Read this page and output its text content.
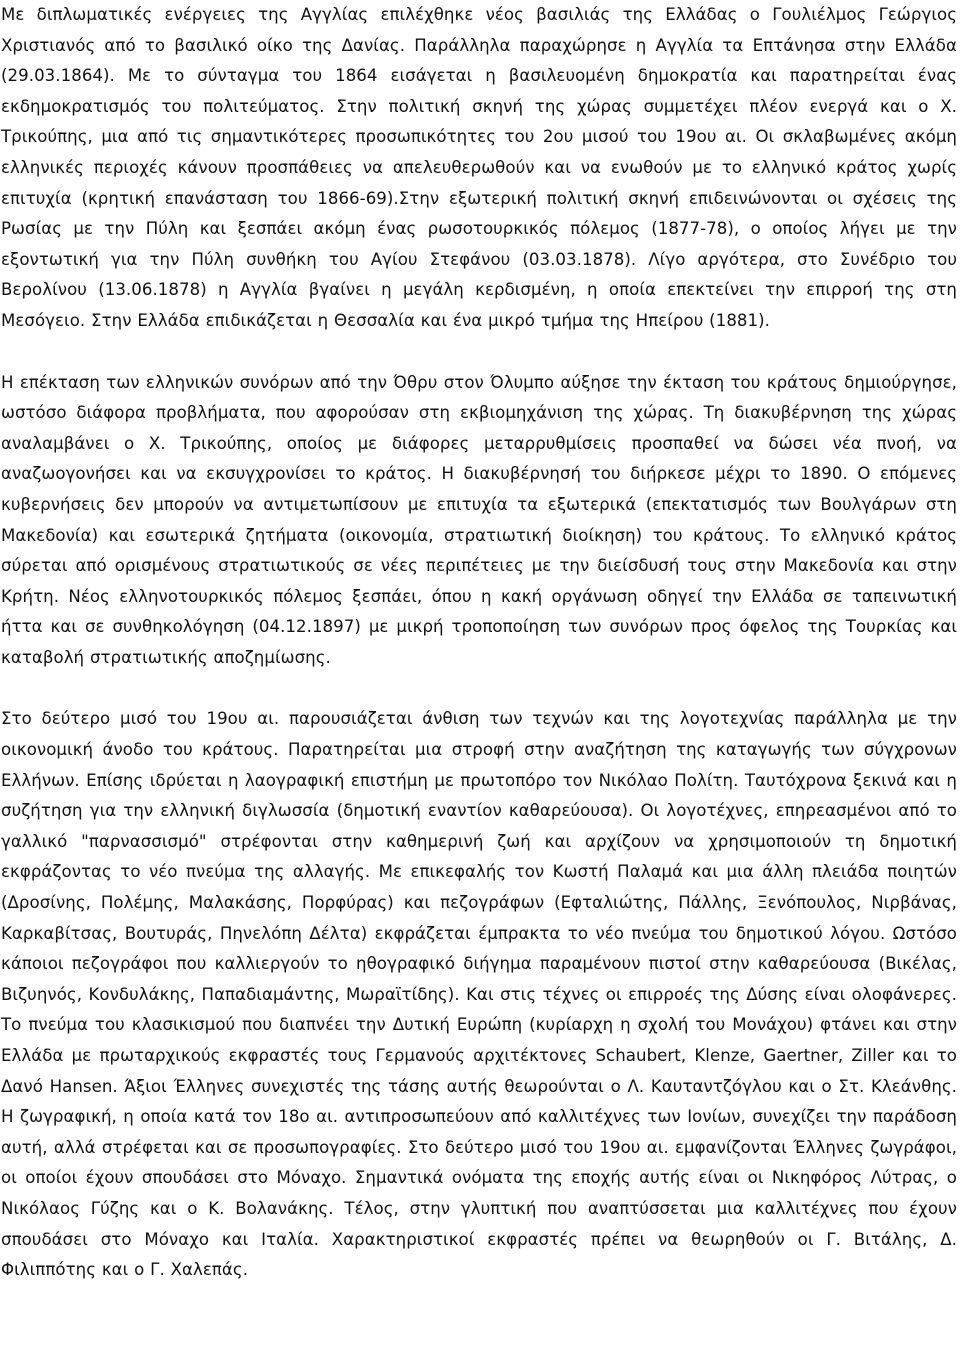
Με διπλωματικές ενέργειες της Αγγλίας επιλέχθηκε νέος βασιλιάς της Ελλάδας ο Γουλιέλμος Γεώργιος Χριστιανός από το βασιλικό οίκο της Δανίας. Παράλληλα παραχώρησε η Αγγλία τα Επτάνησα στην Ελλάδα (29.03.1864). Με το σύνταγμα του 1864 εισάγεται η βασιλευομένη δημοκρατία και παρατηρείται ένας εκδημοκρατισμός του πολιτεύματος. Στην πολιτική σκηνή της χώρας συμμετέχει πλέον ενεργά και ο Χ. Τρικούπης, μια από τις σημαντικότερες προσωπικότητες του 2ου μισού του 19ου αι. Οι σκλαβωμένες ακόμη ελληνικές περιοχές κάνουν προσπάθειες να απελευθερωθούν και να ενωθούν με το ελληνικό κράτος χωρίς επιτυχία (κρητική επανάσταση του 1866-69).Στην εξωτερική πολιτική σκηνή επιδεινώνονται οι σχέσεις της Ρωσίας με την Πύλη και ξεσπάει ακόμη ένας ρωσοτουρκικός πόλεμος (1877-78), ο οποίος λήγει με την εξοντωτική για την Πύλη συνθήκη του Αγίου Στεφάνου (03.03.1878). Λίγο αργότερα, στο Συνέδριο του Βερολίνου (13.06.1878) η Αγγλία βγαίνει η μεγάλη κερδισμένη, η οποία επεκτείνει την επιρροή της στη Μεσόγειο. Στην Ελλάδα επιδικάζεται η Θεσσαλία και ένα μικρό τμήμα της Ηπείρου (1881).

Η επέκταση των ελληνικών συνόρων από την Όθρυ στον Όλυμπο αύξησε την έκταση του κράτους δημιούργησε, ωστόσο διάφορα προβλήματα, που αφορούσαν στη εκβιομηχάνιση της χώρας. Τη διακυβέρνηση της χώρας αναλαμβάνει ο Χ. Τρικούπης, οποίος με διάφορες μεταρρυθμίσεις προσπαθεί να δώσει νέα πνοή, να αναζωογονήσει και να εκσυγχρονίσει το κράτος. Η διακυβέρνησή του διήρκεσε μέχρι το 1890. Ο επόμενες κυβερνήσεις δεν μπορούν να αντιμετωπίσουν με επιτυχία τα εξωτερικά (επεκτατισμός των Βουλγάρων στη Μακεδονία) και εσωτερικά ζητήματα (οικονομία, στρατιωτική διοίκηση) του κράτους. Το ελληνικό κράτος σύρεται από ορισμένους στρατιωτικούς σε νέες περιπέτειες με την διείσδυσή τους στην Μακεδονία και στην Κρήτη. Νέος ελληνοτουρκικός πόλεμος ξεσπάει, όπου η κακή οργάνωση οδηγεί την Ελλάδα σε ταπεινωτική ήττα και σε συνθηκολόγηση (04.12.1897) με μικρή τροποποίηση των συνόρων προς όφελος της Τουρκίας και καταβολή στρατιωτικής αποζημίωσης.

Στο δεύτερο μισό του 19ου αι. παρουσιάζεται άνθιση των τεχνών και της λογοτεχνίας παράλληλα με την οικονομική άνοδο του κράτους. Παρατηρείται μια στροφή στην αναζήτηση της καταγωγής των σύγχρονων Ελλήνων. Επίσης ιδρύεται η λαογραφική επιστήμη με πρωτοπόρο τον Νικόλαο Πολίτη. Ταυτόχρονα ξεκινά και η συζήτηση για την ελληνική διγλωσσία (δημοτική εναντίον καθαρεύουσα). Οι λογοτέχνες, επηρεασμένοι από το γαλλικό "παρνασσισμό" στρέφονται στην καθημερινή ζωή και αρχίζουν να χρησιμοποιούν τη δημοτική εκφράζοντας το νέο πνεύμα της αλλαγής. Με επικεφαλής τον Κωστή Παλαμά και μια άλλη πλειάδα ποιητών (Δροσίνης, Πολέμης, Μαλακάσης, Πορφύρας) και πεζογράφων (Εφταλιώτης, Πάλλης, Ξενόπουλος, Νιρβάνας, Καρκαβίτσας, Βουτυράς, Πηνελόπη Δέλτα) εκφράζεται έμπρακτα το νέο πνεύμα του δημοτικού λόγου. Ωστόσο κάποιοι πεζογράφοι που καλλιεργούν το ηθογραφικό διήγημα παραμένουν πιστοί στην καθαρεύουσα (Βικέλας, Βιζυηνός, Κονδυλάκης, Παπαδιαμάντης, Μωραϊτίδης). Και στις τέχνες οι επιρροές της Δύσης είναι ολοφάνερες. Το πνεύμα του κλασικισμού που διαπνέει την Δυτική Ευρώπη (κυρίαρχη η σχολή του Μονάχου) φτάνει και στην Ελλάδα με πρωταρχικούς εκφραστές τους Γερμανούς αρχιτέκτονες Schaubert, Klenze, Gaertner, Ziller και το Δανό Hansen. Άξιοι Έλληνες συνεχιστές της τάσης αυτής θεωρούνται ο Λ. Καυταντζόγλου και ο Στ. Κλεάνθης. Η ζωγραφική, η οποία κατά τον 18ο αι. αντιπροσωπεύουν από καλλιτέχνες των Ιονίων, συνεχίζει την παράδοση αυτή, αλλά στρέφεται και σε προσωπογραφίες. Στο δεύτερο μισό του 19ου αι. εμφανίζονται Έλληνες ζωγράφοι, οι οποίοι έχουν σπουδάσει στο Μόναχο. Σημαντικά ονόματα της εποχής αυτής είναι οι Νικηφόρος Λύτρας, ο Νικόλαος Γύζης και ο Κ. Βολανάκης. Τέλος, στην γλυπτική που αναπτύσσεται μια καλλιτέχνες που έχουν σπουδάσει στο Μόναχο και Ιταλία. Χαρακτηριστικοί εκφραστές πρέπει να θεωρηθούν οι Γ. Βιτάλης, Δ. Φιλιππότης και ο Γ. Χαλεπάς.
